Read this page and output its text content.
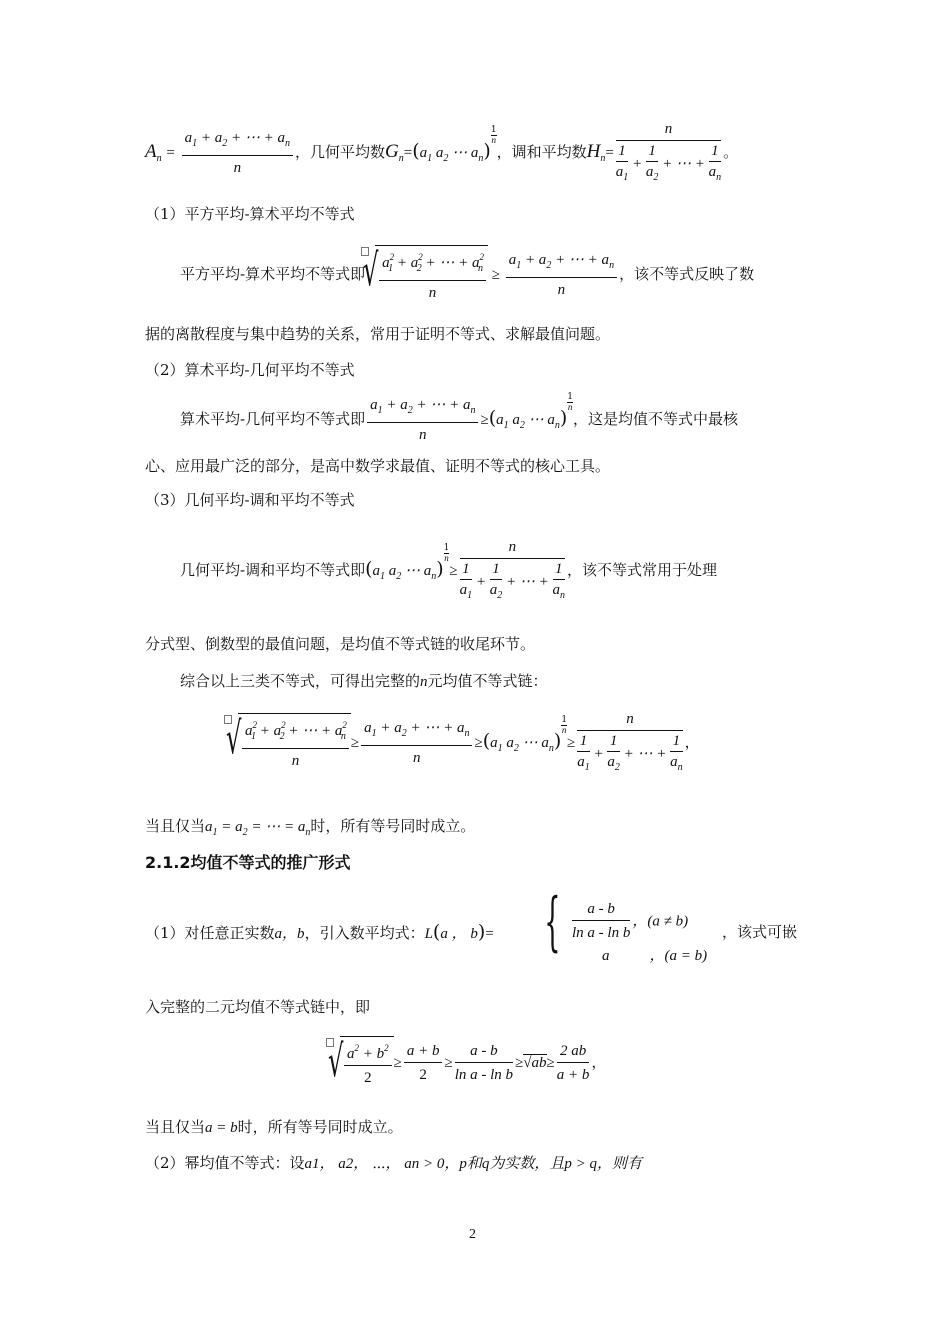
$A_n = \frac{a_1 + a_2 + \cdots + a_n}{n}$ ，几何平均数$G_n=(a_1$ $a_2$ ⋯ $a_n$)
$\frac{1}{n}$
，调和平均数$H_n= \frac{n}{\frac{1}{a_1} + \frac{1}{a_2} + \cdots + \frac{1}{a_n}}$ 。
（1）平方平均-算术平均不等式
平方平均-算术平均不等式即
√ $\frac{a^2_1 + a^2_2 + \cdots + a^2_n}{n} \ge \frac{a_1 + a_2 + \cdots + a_n}{n}$ ，该不等式反映了数
据的离散程度与集中趋势的关系，常用于证明不等式、求解最值问题。
（2）算术平均-几何平均不等式
算术平均-几何平均不等式即 $\frac{a_1 + a_2 + \cdots + a_n}{n} \ge(a_1$ $a_2$ ⋯ $a_n$)
$\frac{1}{n}$
，这是均值不等式中最核
心、应用最广泛的部分，是高中数学求最值、证明不等式的核心工具。
（3）几何平均-调和平均不等式
几何平均-调和平均不等式即($a_1$ $a_2$ ⋯ $a_n$)
$\frac{1}{n}$
≥ $\frac{n}{\frac{1}{a_1} + \frac{1}{a_2} + \cdots + \frac{1}{a_n}}$ ，该不等式常用于处理
分式型、倒数型的最值问题，是均值不等式链的收尾环节。
综合以上三类不等式，可得出完整的n元均值不等式链：
√ $\frac{a^2_1 + a^2_2 + \cdots + a^2_n}{n} \ge \frac{a_1 + a_2 + \cdots + a_n}{n} \ge(a_1$ $a_2$ ⋯ $a_n$)
$\frac{1}{n}$
≥ $\frac{n}{\frac{1}{a_1} + \frac{1}{a_2} + \cdots + \frac{1}{a_n}}$ ，
当且仅当$a_1 = a_2$ = ⋯ = $a_n$时，所有等号同时成立。
2.1.2均值不等式的推广形式
（1）对任意正实数a，b，引入数平均式：L(a ， b)= { $\frac{a - b}{\text{ln a - ln b}}$ ，(a ≠ b)
a	，(a = b)
，该式可嵌
入完整的二元均值不等式链中，即
√ $\frac{a^2 + b^2}{2} \ge \frac{a + b}{2} \ge \frac{a - b}{\text{ln a - ln b}} \ge√ab\ge \frac{2 ab}{a + b}$ ，
当且仅当a = b时，所有等号同时成立。
（2）幂均值不等式：设a1， a2， ⋯， an > 0，p和q为实数，且p > q，则有
2
